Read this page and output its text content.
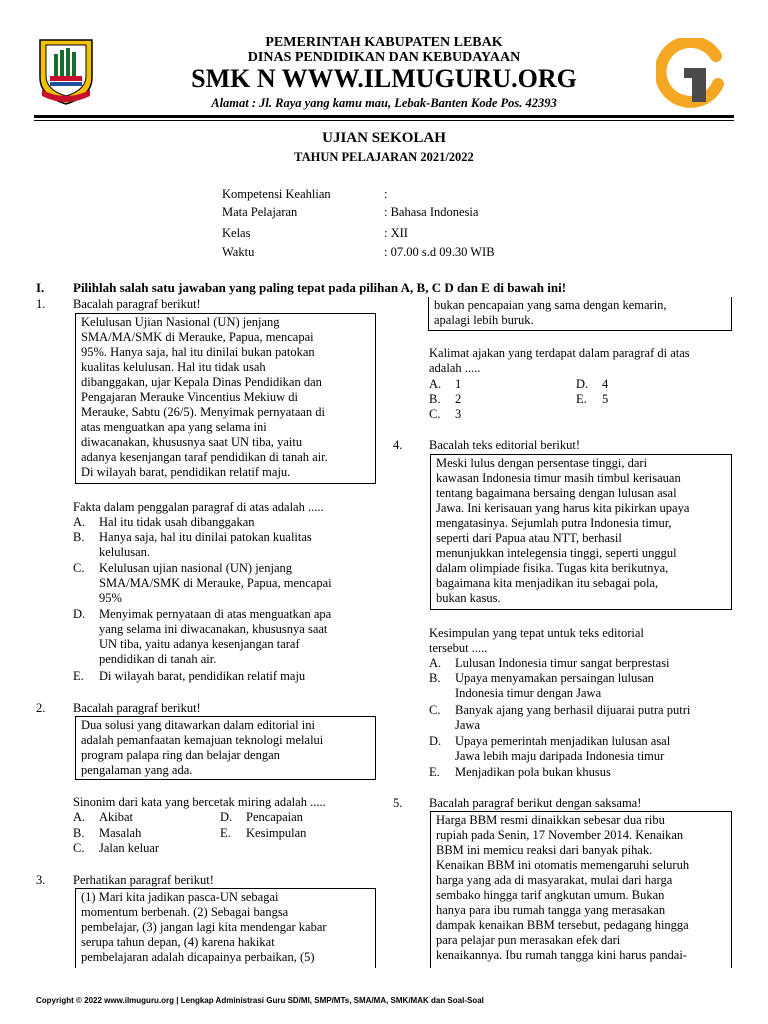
PEMERINTAH KABUPATEN LEBAK
DINAS PENDIDIKAN DAN KEBUDAYAAN
SMK N WWW.ILMUGURU.ORG
Alamat : Jl. Raya yang kamu mau, Lebak-Banten Kode Pos. 42393
UJIAN SEKOLAH
TAHUN PELAJARAN 2021/2022
Kompetensi Keahlian	:
Mata Pelajaran	: Bahasa Indonesia
Kelas	: XII
Waktu	: 07.00 s.d 09.30 WIB
I. Pilihlah salah satu jawaban yang paling tepat pada pilihan A, B, C D dan E di bawah ini!
1. Bacalah paragraf berikut!
Kelulusan Ujian Nasional (UN) jenjang
SMA/MA/SMK di Merauke, Papua, mencapai
95%. Hanya saja, hal itu dinilai bukan patokan
kualitas kelulusan. Hal itu tidak usah
dibanggakan, ujar Kepala Dinas Pendidikan dan
Pengajaran Merauke Vincentius Mekiuw di
Merauke, Sabtu (26/5). Menyimak pernyataan di
atas menguatkan apa yang selama ini
diwacanakan, khususnya saat UN tiba, yaitu
adanya kesenjangan taraf pendidikan di tanah air.
Di wilayah barat, pendidikan relatif maju.
Fakta dalam penggalan paragraf di atas adalah .....
A.	Hal itu tidak usah dibanggakan
B.	Hanya saja, hal itu dinilai patokan kualitas
kelulusan.
C.	Kelulusan ujian nasional (UN) jenjang
SMA/MA/SMK di Merauke, Papua, mencapai
95%
D.	Menyimak pernyataan di atas menguatkan apa
yang selama ini diwacanakan, khususnya saat
UN tiba, yaitu adanya kesenjangan taraf
pendidikan di tanah air.
E.	Di wilayah barat, pendidikan relatif maju
2. Bacalah paragraf berikut!
Dua solusi yang ditawarkan dalam editorial ini
adalah pemanfaatan kemajuan teknologi melalui
program palapa ring dan belajar dengan
pengalaman yang ada.
Sinonim dari kata yang bercetak miring adalah .....
A.	Akibat	D.	Pencapaian
B.	Masalah	E.	Kesimpulan
C.	Jalan keluar
3. Perhatikan paragraf berikut!
(1) Mari kita jadikan pasca-UN sebagai
momentum berbenah. (2) Sebagai bangsa
pembelajar, (3) jangan lagi kita mendengar kabar
serupa tahun depan, (4) karena hakikat
pembelajaran adalah dicapainya perbaikan, (5)
bukan pencapaian yang sama dengan kemarin,
apalagi lebih buruk.
Kalimat ajakan yang terdapat dalam paragraf di atas
adalah .....
A.	1	D.	4
B.	2	E.	5
C.	3
4. Bacalah teks editorial berikut!
Meski lulus dengan persentase tinggi, dari
kawasan Indonesia timur masih timbul kerisauan
tentang bagaimana bersaing dengan lulusan asal
Jawa. Ini kerisauan yang harus kita pikirkan upaya
mengatasinya. Sejumlah putra Indonesia timur,
seperti dari Papua atau NTT, berhasil
menunjukkan intelegensia tinggi, seperti unggul
dalam olimpiade fisika. Tugas kita berikutnya,
bagaimana kita menjadikan itu sebagai pola,
bukan kasus.
Kesimpulan yang tepat untuk teks editorial
tersebut .....
A.	Lulusan Indonesia timur sangat berprestasi
B.	Upaya menyamakan persaingan lulusan
Indonesia timur dengan Jawa
C.	Banyak ajang yang berhasil dijuarai putra putri
Jawa
D.	Upaya pemerintah menjadikan lulusan asal
Jawa lebih maju daripada Indonesia timur
E.	Menjadikan pola bukan khusus
5. Bacalah paragraf berikut dengan saksama!
Harga BBM resmi dinaikkan sebesar dua ribu
rupiah pada Senin, 17 November 2014. Kenaikan
BBM ini memicu reaksi dari banyak pihak.
Kenaikan BBM ini otomatis memengaruhi seluruh
harga yang ada di masyarakat, mulai dari harga
sembako hingga tarif angkutan umum. Bukan
hanya para ibu rumah tangga yang merasakan
dampak kenaikan BBM tersebut, pedagang hingga
para pelajar pun merasakan efek dari
kenaikannya. Ibu rumah tangga kini harus pandai-
Copyright © 2022 www.ilmuguru.org | Lengkap Administrasi Guru SD/MI, SMP/MTs, SMA/MA, SMK/MAK dan Soal-Soal
